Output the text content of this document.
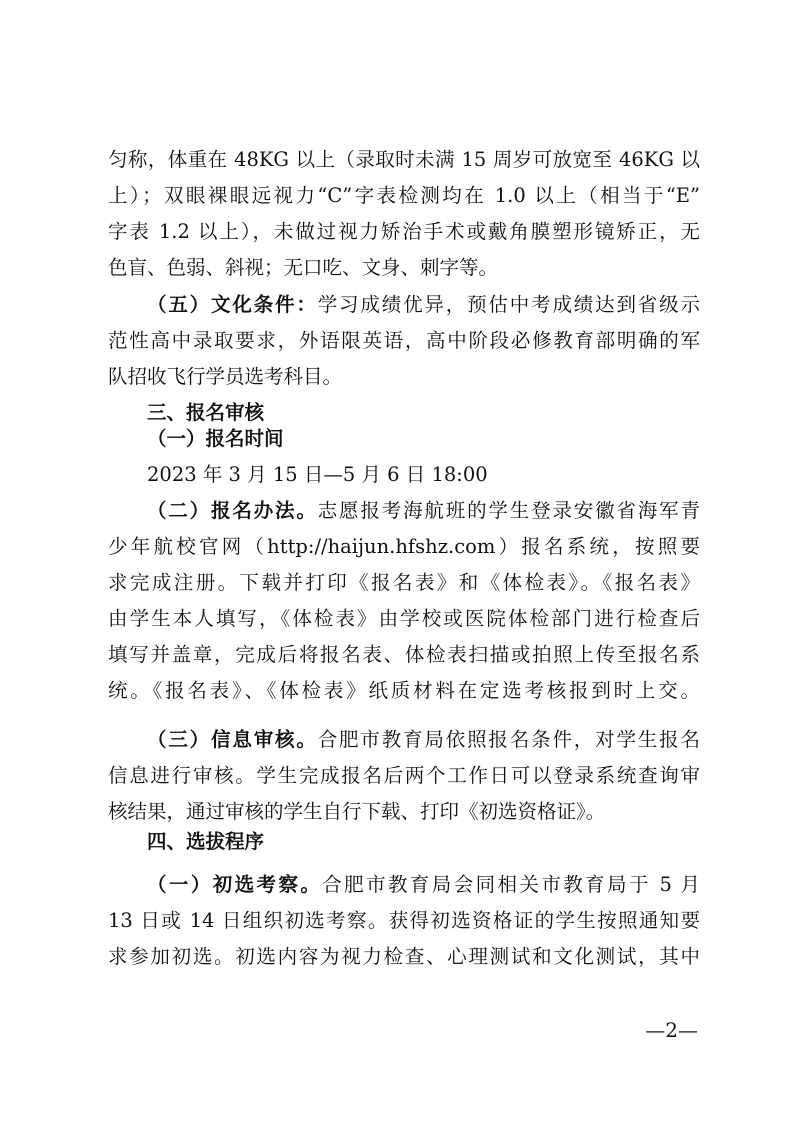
匀称，体重在 48KG 以上（录取时未满 15 周岁可放宽至 46KG 以
上）；双眼裸眼远视力“C”字表检测均在 1.0 以上（相当于“E”
字表 1.2 以上），未做过视力矫治手术或戴角膜塑形镜矫正，无
色盲、色弱、斜视；无口吃、文身、刺字等。
（五）文化条件：学习成绩优异，预估中考成绩达到省级示
范性高中录取要求，外语限英语，高中阶段必修教育部明确的军
队招收飞行学员选考科目。
三、报名审核
（一）报名时间
2023 年 3 月 15 日—5 月 6 日 18:00
（二）报名办法。志愿报考海航班的学生登录安徽省海军青
少年航校官网（http://haijun.hfshz.com）报名系统，按照要
求完成注册。下载并打印《报名表》和《体检表》。《报名表》
由学生本人填写，《体检表》由学校或医院体检部门进行检查后
填写并盖章，完成后将报名表、体检表扫描或拍照上传至报名系
统。《报名表》、《体检表》纸质材料在定选考核报到时上交。
（三）信息审核。合肥市教育局依照报名条件，对学生报名
信息进行审核。学生完成报名后两个工作日可以登录系统查询审
核结果，通过审核的学生自行下载、打印《初选资格证》。
四、选拔程序
（一）初选考察。合肥市教育局会同相关市教育局于 5 月
13 日或 14 日组织初选考察。获得初选资格证的学生按照通知要
求参加初选。初选内容为视力检查、心理测试和文化测试，其中
—2—
